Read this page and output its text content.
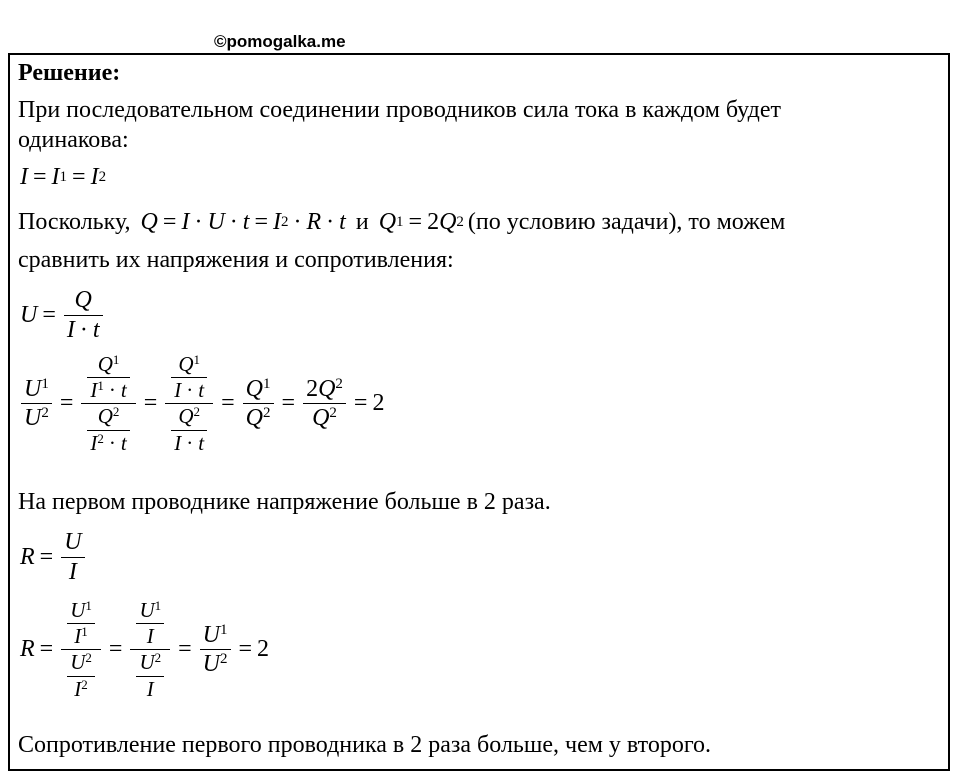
©pomogalka.me
Решение:
При последовательном соединении проводников сила тока в каждом будет
одинакова:
I = I 1 = I 2
Поскольку, Q = I · U · t = I 2 · R · t и Q 1 = 2 Q 2 (по условию задачи), то можем
сравнить их напряжения и сопротивления:
U =
Q
I · t
U 1
U 2 =
Q 1
I 1 · t
Q 2
I 2 · t
=
Q 1
I · t
Q 2
I · t
=
Q 1
Q 2 =
2 Q 2
Q 2 = 2
На первом проводнике напряжение больше в 2 раза.
R =
U
I
R =
U 1
I 1
U 2
I 2
=
U 1
I
U 2
I
=
U 1
U 2 = 2
Сопротивление первого проводника в 2 раза больше, чем у второго.
